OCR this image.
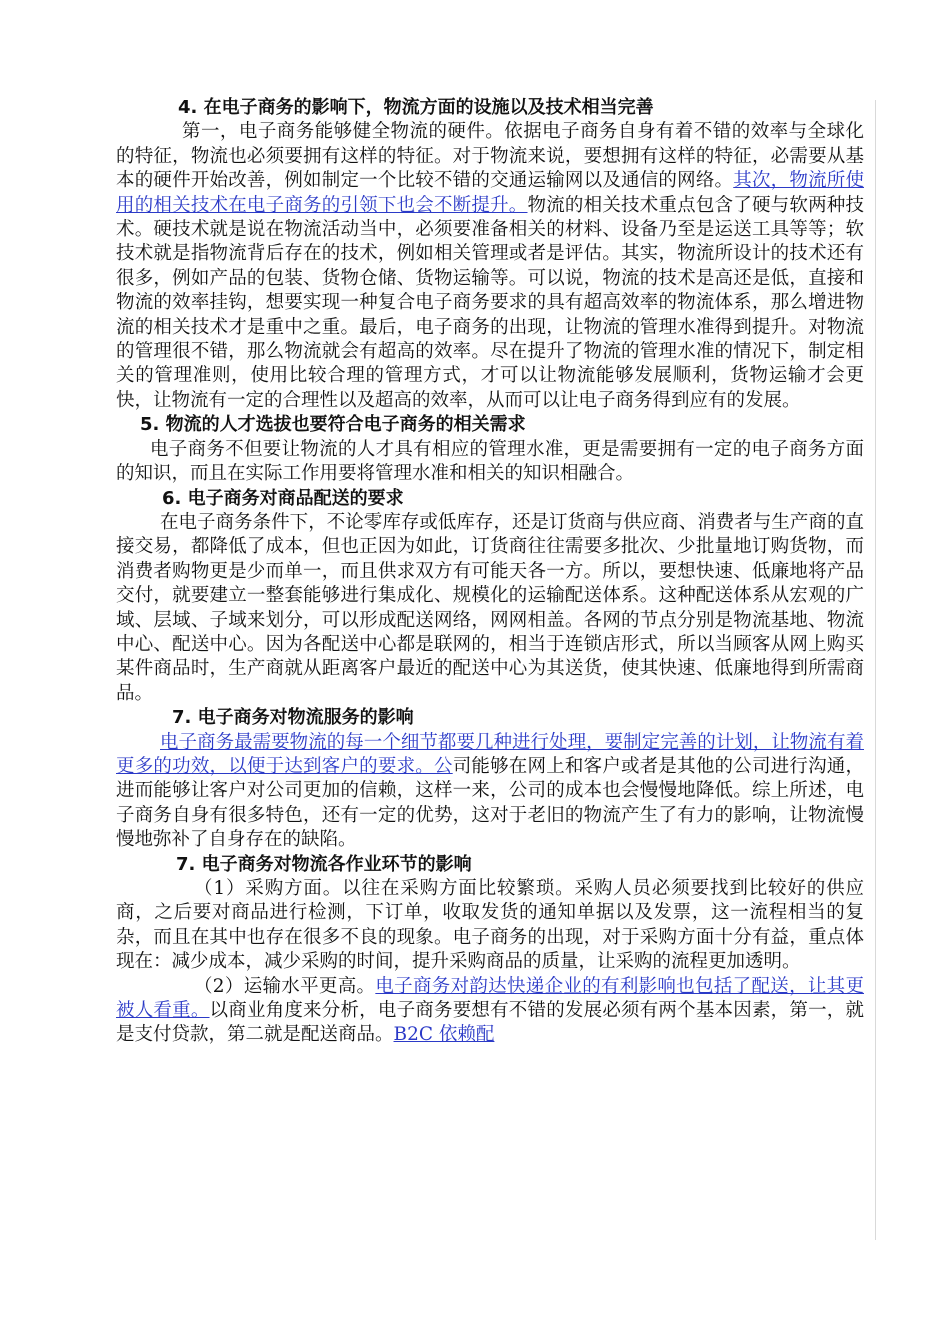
4. 在电子商务的影响下，物流方面的设施以及技术相当完善

第一，电子商务能够健全物流的硬件。依据电子商务自身有着不错的效率与全球化的特征，物流也必须要拥有这样的特征。对于物流来说，要想拥有这样的特征，必需要从基本的硬件开始改善，例如制定一个比较不错的交通运输网以及通信的网络。其次，物流所使用的相关技术在电子商务的引领下也会不断提升。物流的相关技术重点包含了硬与软两种技术。硬技术就是说在物流活动当中，必须要准备相关的材料、设备乃至是运送工具等等；软技术就是指物流背后存在的技术，例如相关管理或者是评估。其实，物流所设计的技术还有很多，例如产品的包装、货物仓储、货物运输等。可以说，物流的技术是高还是低，直接和物流的效率挂钩，想要实现一种复合电子商务要求的具有超高效率的物流体系，那么增进物流的相关技术才是重中之重。最后，电子商务的出现，让物流的管理水准得到提升。对物流的管理很不错，那么物流就会有超高的效率。尽在提升了物流的管理水准的情况下，制定相关的管理准则，使用比较合理的管理方式，才可以让物流能够发展顺利，货物运输才会更快，让物流有一定的合理性以及超高的效率，从而可以让电子商务得到应有的发展。

5. 物流的人才选拔也要符合电子商务的相关需求

电子商务不但要让物流的人才具有相应的管理水准，更是需要拥有一定的电子商务方面的知识，而且在实际工作用要将管理水准和相关的知识相融合。

6. 电子商务对商品配送的要求

在电子商务条件下，不论零库存或低库存，还是订货商与供应商、消费者与生产商的直接交易，都降低了成本，但也正因为如此，订货商往往需要多批次、少批量地订购货物，而消费者购物更是少而单一，而且供求双方有可能天各一方。所以，要想快速、低廉地将产品交付，就要建立一整套能够进行集成化、规模化的运输配送体系。这种配送体系从宏观的广域、层域、子域来划分，可以形成配送网络，网网相盖。各网的节点分别是物流基地、物流中心、配送中心。因为各配送中心都是联网的，相当于连锁店形式，所以当顾客从网上购买某件商品时，生产商就从距离客户最近的配送中心为其送货，使其快速、低廉地得到所需商品。

7. 电子商务对物流服务的影响

电子商务最需要物流的每一个细节都要几种进行处理，要制定完善的计划，让物流有着更多的功效，以便于达到客户的要求。公司能够在网上和客户或者是其他的公司进行沟通，进而能够让客户对公司更加的信赖，这样一来，公司的成本也会慢慢地降低。综上所述，电子商务自身有很多特色，还有一定的优势，这对于老旧的物流产生了有力的影响，让物流慢慢地弥补了自身存在的缺陷。

7. 电子商务对物流各作业环节的影响

（1）采购方面。以往在采购方面比较繁琐。采购人员必须要找到比较好的供应商，之后要对商品进行检测，下订单，收取发货的通知单据以及发票，这一流程相当的复杂，而且在其中也存在很多不良的现象。电子商务的出现，对于采购方面十分有益，重点体现在：减少成本，减少采购的时间，提升采购商品的质量，让采购的流程更加透明。

（2）运输水平更高。电子商务对韵达快递企业的有利影响也包括了配送，让其更被人看重。以商业角度来分析，电子商务要想有不错的发展必须有两个基本因素，第一，就是支付贷款，第二就是配送商品。B2C 依赖配
